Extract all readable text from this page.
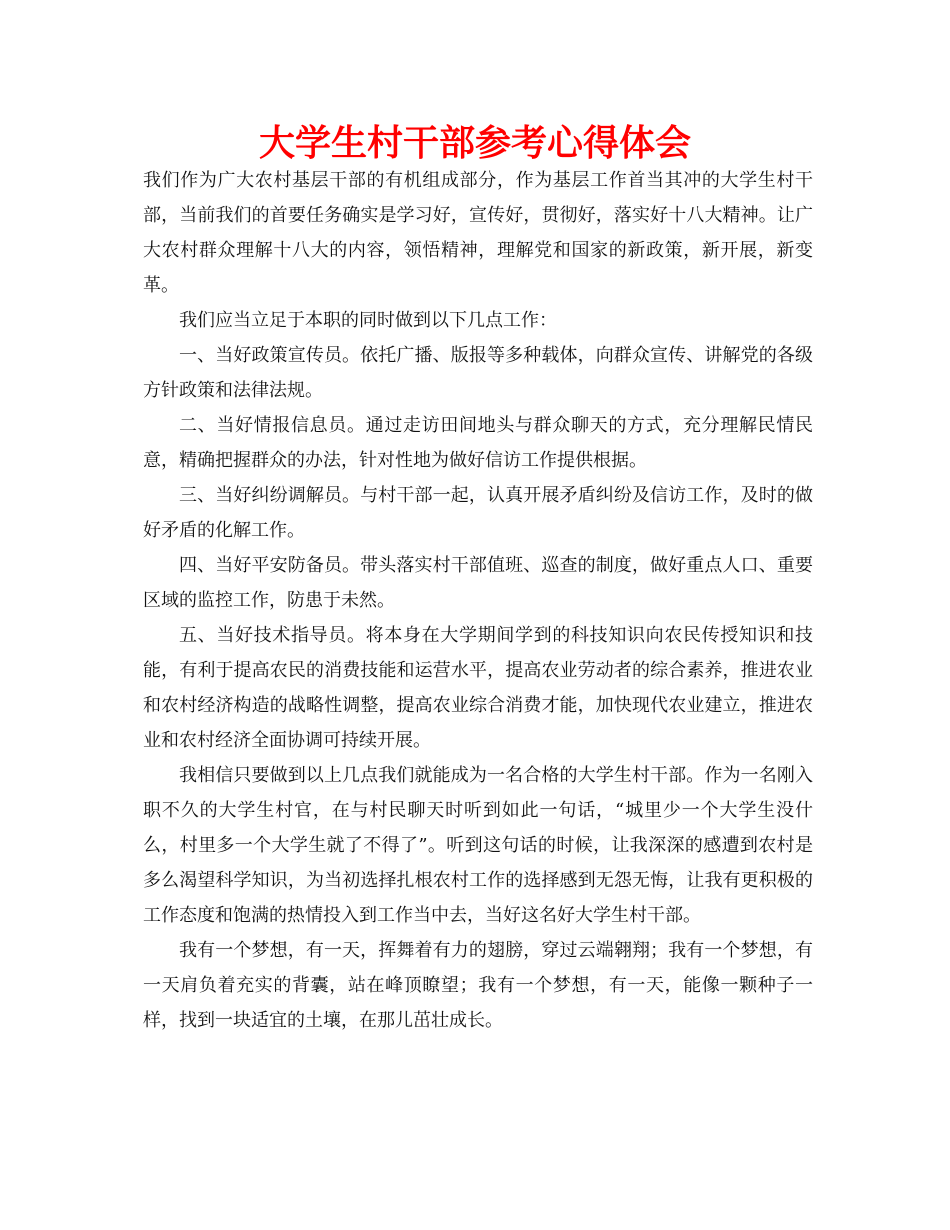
大学生村干部参考心得体会

我们作为广大农村基层干部的有机组成部分，作为基层工作首当其冲的大学生村干部，当前我们的首要任务确实是学习好，宣传好，贯彻好，落实好十八大精神。让广大农村群众理解十八大的内容，领悟精神，理解党和国家的新政策，新开展，新变革。

我们应当立足于本职的同时做到以下几点工作：

一、当好政策宣传员。依托广播、版报等多种载体，向群众宣传、讲解党的各级方针政策和法律法规。

二、当好情报信息员。通过走访田间地头与群众聊天的方式，充分理解民情民意，精确把握群众的办法，针对性地为做好信访工作提供根据。

三、当好纠纷调解员。与村干部一起，认真开展矛盾纠纷及信访工作，及时的做好矛盾的化解工作。

四、当好平安防备员。带头落实村干部值班、巡查的制度，做好重点人口、重要区域的监控工作，防患于未然。

五、当好技术指导员。将本身在大学期间学到的科技知识向农民传授知识和技能，有利于提高农民的消费技能和运营水平，提高农业劳动者的综合素养，推进农业和农村经济构造的战略性调整，提高农业综合消费才能，加快现代农业建立，推进农业和农村经济全面协调可持续开展。

我相信只要做到以上几点我们就能成为一名合格的大学生村干部。作为一名刚入职不久的大学生村官，在与村民聊天时听到如此一句话，“城里少一个大学生没什么，村里多一个大学生就了不得了”。听到这句话的时候，让我深深的感遭到农村是多么渴望科学知识，为当初选择扎根农村工作的选择感到无怨无悔，让我有更积极的工作态度和饱满的热情投入到工作当中去，当好这名好大学生村干部。

我有一个梦想，有一天，挥舞着有力的翅膀，穿过云端翱翔；我有一个梦想，有一天肩负着充实的背囊，站在峰顶瞭望；我有一个梦想，有一天，能像一颗种子一样，找到一块适宜的土壤，在那儿茁壮成长。
